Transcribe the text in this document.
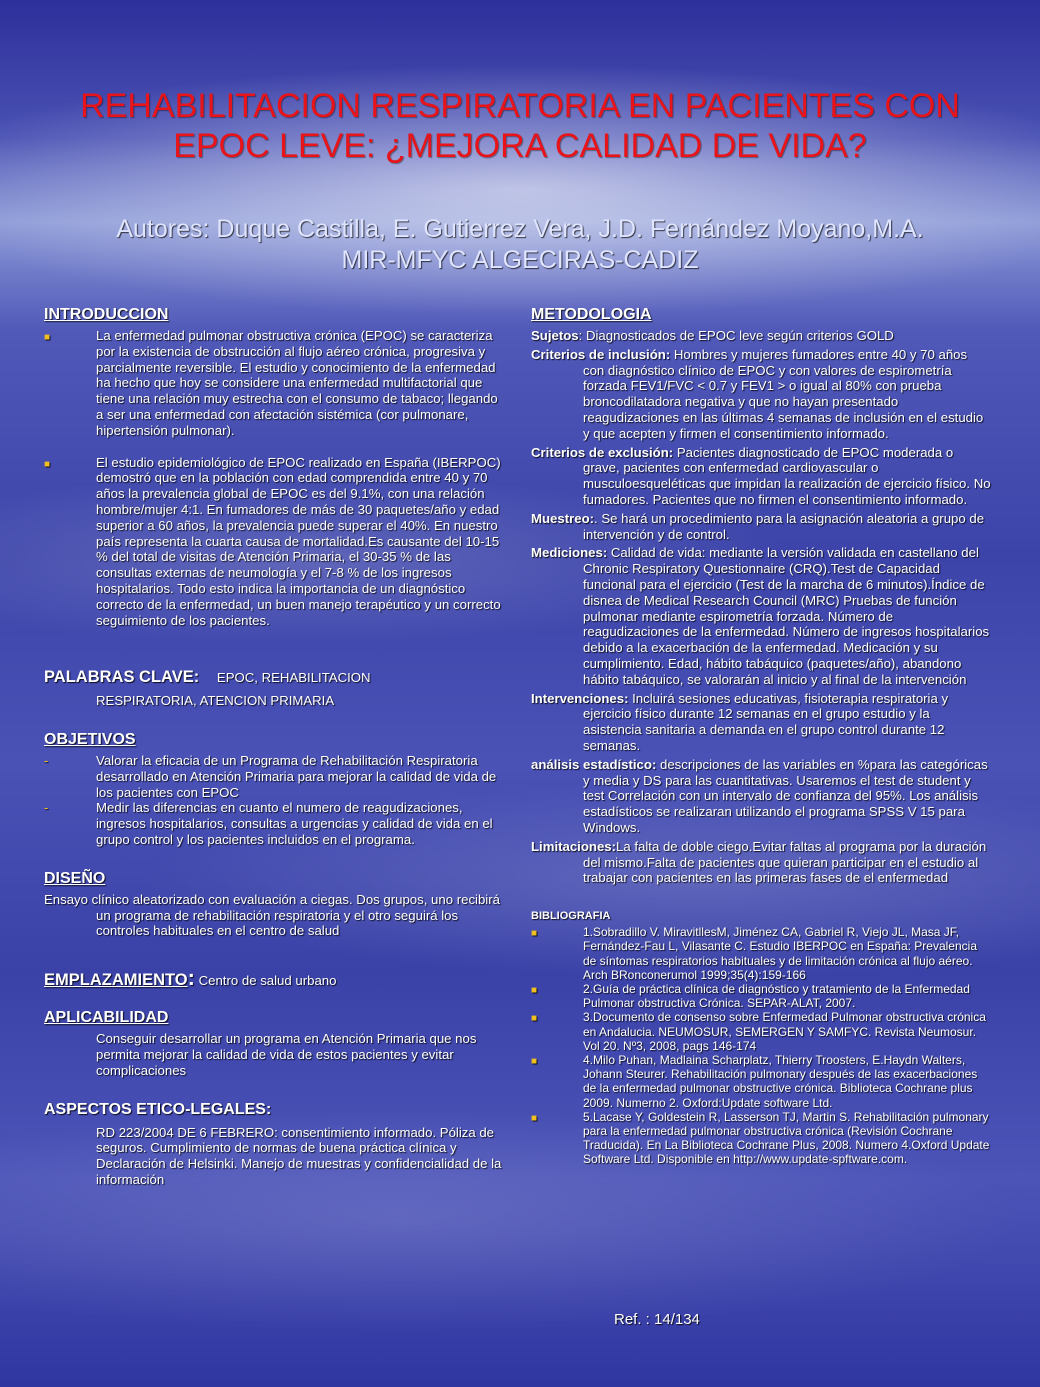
REHABILITACION RESPIRATORIA EN PACIENTES CON
EPOC LEVE: ¿MEJORA CALIDAD DE VIDA?
Autores: Duque Castilla, E. Gutierrez Vera, J.D. Fernández Moyano,M.A.
MIR-MFYC ALGECIRAS-CADIZ
INTRODUCCION
■	La enfermedad pulmonar obstructiva crónica (EPOC) se caracteriza por la existencia de obstrucción al flujo aéreo crónica, progresiva y parcialmente reversible. El estudio y conocimiento de la enfermedad ha hecho que hoy se considere una enfermedad multifactorial que tiene una relación muy estrecha con el consumo de tabaco; llegando a ser una enfermedad con afectación sistémica (cor pulmonare, hipertensión pulmonar).
■	El estudio epidemiológico de EPOC realizado en España (IBERPOC) demostró que en la población con edad comprendida entre 40 y 70 años la prevalencia global de EPOC es del 9.1%, con una relación hombre/mujer 4:1. En fumadores de más de 30 paquetes/año y edad superior a 60 años, la prevalencia puede superar el 40%. En nuestro país representa la cuarta causa de mortalidad.Es causante del 10-15 % del total de visitas de Atención Primaria, el 30-35 % de las consultas externas de neumología y el 7-8 % de los ingresos hospitalarios. Todo esto indica la importancia de un diagnóstico correcto de la enfermedad, un buen manejo terapéutico y un correcto seguimiento de los pacientes.
PALABRAS CLAVE: EPOC, REHABILITACION
RESPIRATORIA, ATENCION PRIMARIA
OBJETIVOS
-	Valorar la eficacia de un Programa de Rehabilitación Respiratoria desarrollado en Atención Primaria para mejorar la calidad de vida de los pacientes con EPOC
-	Medir las diferencias en cuanto el numero de reagudizaciones, ingresos hospitalarios, consultas a urgencias y calidad de vida en el grupo control y los pacientes incluidos en el programa.
DISEÑO
Ensayo clínico aleatorizado con evaluación a ciegas. Dos grupos, uno recibirá un programa de rehabilitación respiratoria y el otro seguirá los controles habituales en el centro de salud
EMPLAZAMIENTO: Centro de salud urbano
APLICABILIDAD
Conseguir desarrollar un programa en Atención Primaria que nos permita mejorar la calidad de vida de estos pacientes y evitar complicaciones
ASPECTOS ETICO-LEGALES:
RD 223/2004 DE 6 FEBRERO: consentimiento informado. Póliza de seguros. Cumplimiento de normas de buena práctica clínica y Declaración de Helsinki. Manejo de muestras y confidencialidad de la información
METODOLOGIA
Sujetos: Diagnosticados de EPOC leve según criterios GOLD
Criterios de inclusión: Hombres y mujeres fumadores entre 40 y 70 años con diagnóstico clínico de EPOC y con valores de espirometría forzada FEV1/FVC < 0.7 y FEV1 > o igual al 80% con prueba broncodilatadora negativa y que no hayan presentado reagudizaciones en las últimas 4 semanas de inclusión en el estudio y que acepten y firmen el consentimiento informado.
Criterios de exclusión: Pacientes diagnosticado de EPOC moderada o grave, pacientes con enfermedad cardiovascular o musculoesqueléticas que impidan la realización de ejercicio físico. No fumadores. Pacientes que no firmen el consentimiento informado.
Muestreo:. Se hará un procedimiento para la asignación aleatoria a grupo de intervención y de control.
Mediciones: Calidad de vida: mediante la versión validada en castellano del Chronic Respiratory Questionnaire (CRQ).Test de Capacidad funcional para el ejercicio (Test de la marcha de 6 minutos).Índice de disnea de Medical Research Council (MRC) Pruebas de función pulmonar mediante espirometría forzada. Número de reagudizaciones de la enfermedad. Número de ingresos hospitalarios debido a la exacerbación de la enfermedad. Medicación y su cumplimiento. Edad, hábito tabáquico (paquetes/año), abandono hábito tabáquico, se valorarán al inicio y al final de la intervención
Intervenciones: Incluirá sesiones educativas, fisioterapia respiratoria y ejercicio físico durante 12 semanas en el grupo estudio y la asistencia sanitaria a demanda en el grupo control durante 12 semanas.
análisis estadístico: descripciones de las variables en %para las categóricas y media y DS para las cuantitativas. Usaremos el test de student y test Correlación con un intervalo de confianza del 95%. Los análisis estadísticos se realizaran utilizando el programa SPSS V 15 para Windows.
Limitaciones:La falta de doble ciego.Evitar faltas al programa por la duración del mismo.Falta de pacientes que quieran participar en el estudio al trabajar con pacientes en las primeras fases de el enfermedad
BIBLIOGRAFIA
■	1.Sobradillo V. MiravitllesM, Jiménez CA, Gabriel R, Viejo JL, Masa JF, Fernández-Fau L, Vilasante C. Estudio IBERPOC en España: Prevalencia de síntomas respiratorios habituales y de limitación crónica al flujo aéreo. Arch BRonconerumol 1999;35(4):159-166
■	2.Guía de práctica clínica de diagnóstico y tratamiento de la Enfermedad Pulmonar obstructiva Crónica. SEPAR-ALAT, 2007.
■	3.Documento de consenso sobre Enfermedad Pulmonar obstructiva crónica en Andalucia. NEUMOSUR, SEMERGEN Y SAMFYC. Revista Neumosur. Vol 20. Nº3, 2008, pags 146-174
■	4.Milo Puhan, Madlaina Scharplatz, Thierry Troosters, E.Haydn Walters, Johann Steurer. Rehabilitación pulmonary después de las exacerbaciones de la enfermedad pulmonar obstructive crónica. Biblioteca Cochrane plus 2009. Numerno 2. Oxford:Update software Ltd.
■	5.Lacase Y, Goldestein R, Lasserson TJ, Martin S. Rehabilitación pulmonary para la enfermedad pulmonar obstructiva crónica (Revisión Cochrane Traducida). En La Biblioteca Cochrane Plus, 2008. Numero 4.Oxford Update Software Ltd. Disponible en http://www.update-spftware.com.
Ref. : 14/134
